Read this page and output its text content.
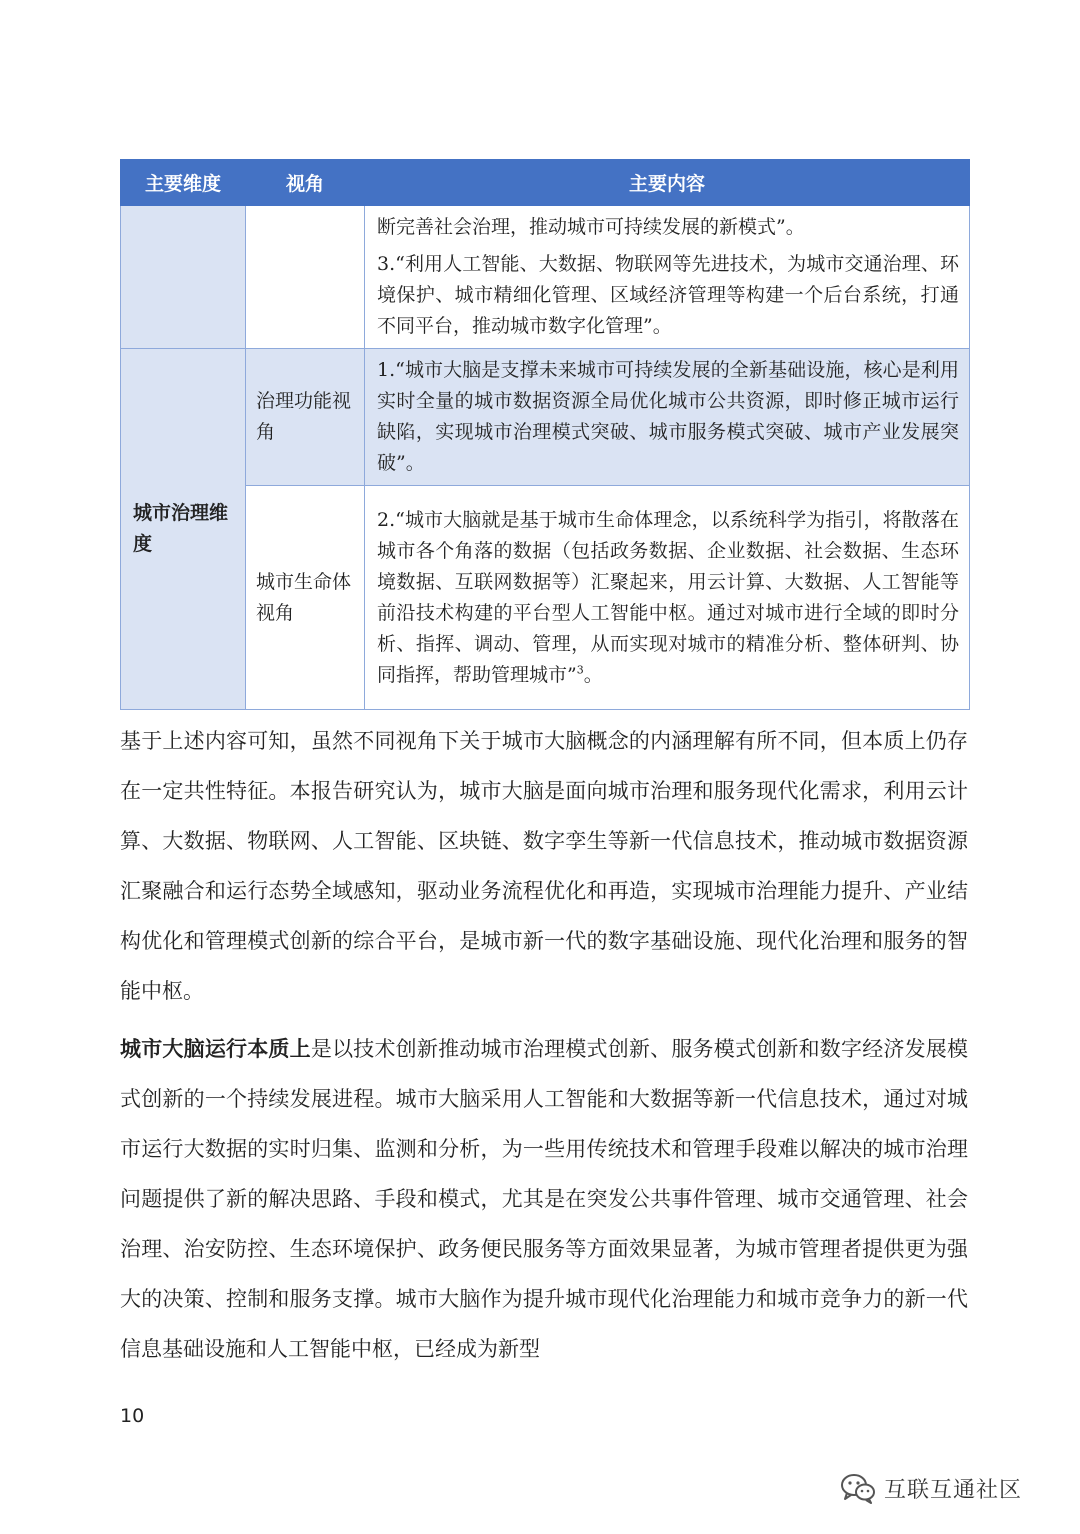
主要维度	视角	主要内容

		断完善社会治理，推动城市可持续发展的新模式”。

3.“利用人工智能、大数据、物联网等先进技术，为城市交通治理、环境保护、城市精细化管理、区域经济管理等构建一个后台系统，打通不同平台，推动城市数字化管理”。

城市治理维度	治理功能视角	1.“城市大脑是支撑未来城市可持续发展的全新基础设施，核心是利用实时全量的城市数据资源全局优化城市公共资源，即时修正城市运行缺陷，实现城市治理模式突破、城市服务模式突破、城市产业发展突破”。

	城市生命体视角	2.“城市大脑就是基于城市生命体理念，以系统科学为指引，将散落在城市各个角落的数据（包括政务数据、企业数据、社会数据、生态环境数据、互联网数据等）汇聚起来，用云计算、大数据、人工智能等前沿技术构建的平台型人工智能中枢。通过对城市进行全域的即时分析、指挥、调动、管理，从而实现对城市的精准分析、整体研判、协同指挥，帮助管理城市”$^3$。

基于上述内容可知，虽然不同视角下关于城市大脑概念的内涵理解有所不同，但本质上仍存在一定共性特征。本报告研究认为，城市大脑是面向城市治理和服务现代化需求，利用云计算、大数据、物联网、人工智能、区块链、数字孪生等新一代信息技术，推动城市数据资源汇聚融合和运行态势全域感知，驱动业务流程优化和再造，实现城市治理能力提升、产业结构优化和管理模式创新的综合平台，是城市新一代的数字基础设施、现代化治理和服务的智能中枢。

城市大脑运行本质上是以技术创新推动城市治理模式创新、服务模式创新和数字经济发展模式创新的一个持续发展进程。城市大脑采用人工智能和大数据等新一代信息技术，通过对城市运行大数据的实时归集、监测和分析，为一些用传统技术和管理手段难以解决的城市治理问题提供了新的解决思路、手段和模式，尤其是在突发公共事件管理、城市交通管理、社会治理、治安防控、生态环境保护、政务便民服务等方面效果显著，为城市管理者提供更为强大的决策、控制和服务支撑。城市大脑作为提升城市现代化治理能力和城市竞争力的新一代信息基础设施和人工智能中枢，已经成为新型

10
互联互通社区
